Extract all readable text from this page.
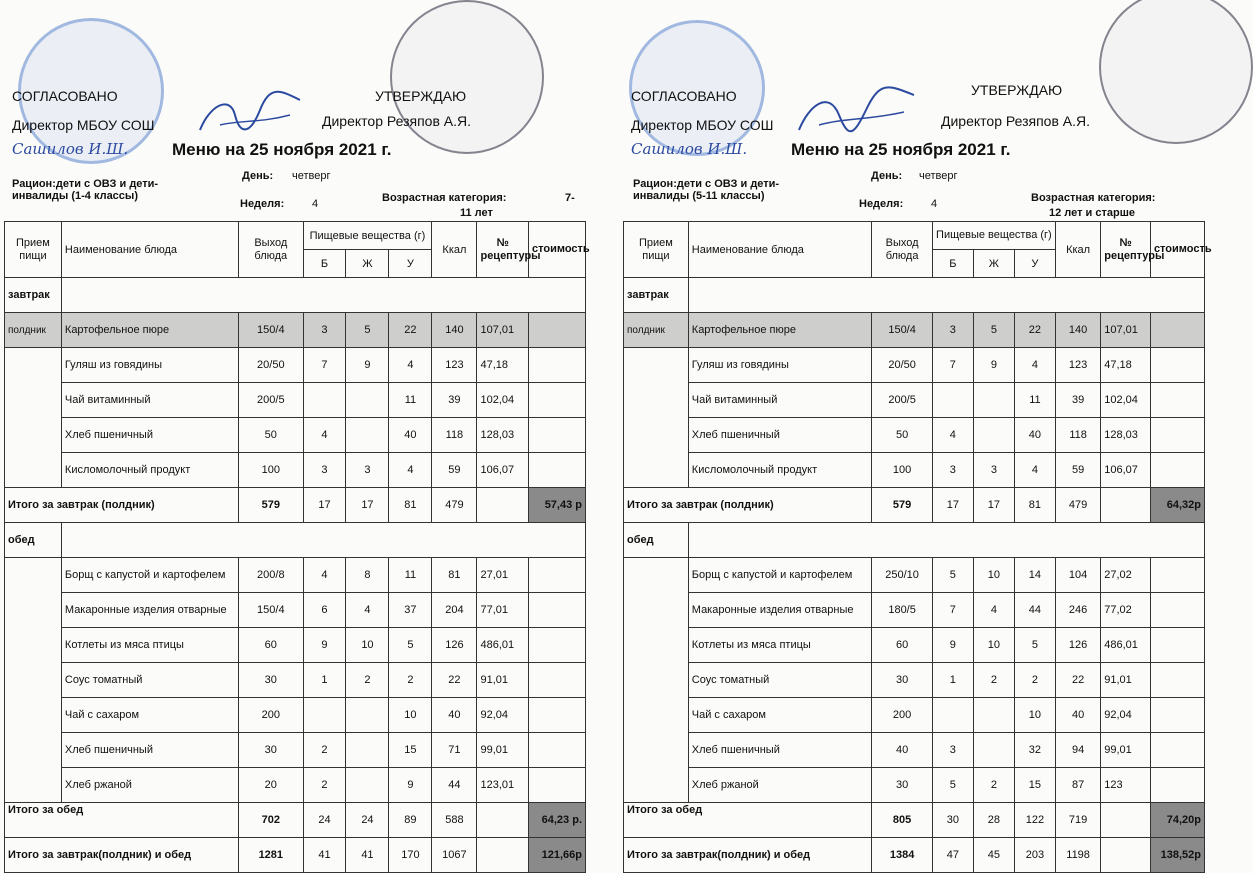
СОГЛАСОВАНО
Директор МБОУ СОШ
Сашилов И.Ш.
УТВЕРЖДАЮ
Директор Резяпов А.Я.
Меню на 25 ноября 2021 г.
Рацион:дети с ОВЗ и дети-инвалиды (1-4 классы)
День: четверг
Неделя:	4	Возрастная категория:	7-
11 лет
Прием пищи	Наименование блюда	Выход блюда	Пищевые вещества (г)			Ккал	№ рецептуры	стоимость
			Б	Ж	У			
завтрак								
полдник	Картофельное пюре	150/4	3	5	22	140	107,01	
	Гуляш из говядины	20/50	7	9	4	123	47,18	
	Чай витаминный	200/5			11	39	102,04	
	Хлеб пшеничный	50	4		40	118	128,03	
	Кисломолочный продукт	100	3	3	4	59	106,07	
Итого за завтрак (полдник)		579	17	17	81	479		57,43 р
обед								
	Борщ с капустой и картофелем	200/8	4	8	11	81	27,01	
	Макаронные изделия отварные	150/4	6	4	37	204	77,01	
	Котлеты из мяса птицы	60	9	10	5	126	486,01	
	Соус томатный	30	1	2	2	22	91,01	
	Чай с сахаром	200			10	40	92,04	
	Хлеб пшеничный	30	2		15	71	99,01	
	Хлеб ржаной	20	2		9	44	123,01	
Итого за обед		702	24	24	89	588		64,23 р.
Итого за завтрак(полдник) и обед		1281	41	41	170	1067		121,66р
СОГЛАСОВАНО
Директор МБОУ СОШ
Сашилов И.Ш.
УТВЕРЖДАЮ
Директор Резяпов А.Я.
Меню на 25 ноября 2021 г.
Рацион:дети с ОВЗ и дети-инвалиды (5-11 классы)
День: четверг
Неделя:	4	Возрастная категория:
12 лет и старше
Прием пищи	Наименование блюда	Выход блюда	Пищевые вещества (г)			Ккал	№ рецептуры	стоимость
			Б	Ж	У			
завтрак								
полдник	Картофельное пюре	150/4	3	5	22	140	107,01	
	Гуляш из говядины	20/50	7	9	4	123	47,18	
	Чай витаминный	200/5			11	39	102,04	
	Хлеб пшеничный	50	4		40	118	128,03	
	Кисломолочный продукт	100	3	3	4	59	106,07	
Итого за завтрак (полдник)		579	17	17	81	479		64,32р
обед								
	Борщ с капустой и картофелем	250/10	5	10	14	104	27,02	
	Макаронные изделия отварные	180/5	7	4	44	246	77,02	
	Котлеты из мяса птицы	60	9	10	5	126	486,01	
	Соус томатный	30	1	2	2	22	91,01	
	Чай с сахаром	200			10	40	92,04	
	Хлеб пшеничный	40	3		32	94	99,01	
	Хлеб ржаной	30	5	2	15	87	123	
Итого за обед		805	30	28	122	719		74,20р
Итого за завтрак(полдник) и обед		1384	47	45	203	1198		138,52р
